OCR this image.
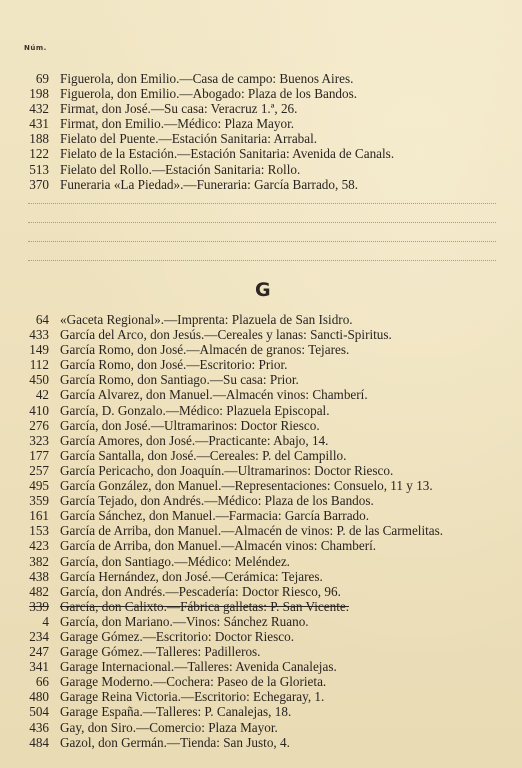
Núm.
69 Figuerola, don Emilio.—Casa de campo: Buenos Aires.
198 Figuerola, don Emilio.—Abogado: Plaza de los Bandos.
432 Firmat, don José.—Su casa: Veracruz 1.ª, 26.
431 Firmat, don Emilio.—Médico: Plaza Mayor.
188 Fielato del Puente.—Estación Sanitaria: Arrabal.
122 Fielato de la Estación.—Estación Sanitaria: Avenida de Canals.
513 Fielato del Rollo.—Estación Sanitaria: Rollo.
370 Funeraria «La Piedad».—Funeraria: García Barrado, 58.
G
64 «Gaceta Regional».—Imprenta: Plazuela de San Isidro.
433 García del Arco, don Jesús.—Cereales y lanas: Sancti-Spiritus.
149 García Romo, don José.—Almacén de granos: Tejares.
112 García Romo, don José.—Escritorio: Prior.
450 García Romo, don Santiago.—Su casa: Prior.
42 García Alvarez, don Manuel.—Almacén vinos: Chamberí.
410 García, D. Gonzalo.—Médico: Plazuela Episcopal.
276 García, don José.—Ultramarinos: Doctor Riesco.
323 García Amores, don José.—Practicante: Abajo, 14.
177 García Santalla, don José.—Cereales: P. del Campillo.
257 García Pericacho, don Joaquín.—Ultramarinos: Doctor Riesco.
495 García González, don Manuel.—Representaciones: Consuelo, 11 y 13.
359 García Tejado, don Andrés.—Médico: Plaza de los Bandos.
161 García Sánchez, don Manuel.—Farmacia: García Barrado.
153 García de Arriba, don Manuel.—Almacén de vinos: P. de las Carmelitas.
423 García de Arriba, don Manuel.—Almacén vinos: Chamberí.
382 García, don Santiago.—Médico: Meléndez.
438 García Hernández, don José.—Cerámica: Tejares.
482 García, don Andrés.—Pescadería: Doctor Riesco, 96.
339 García, don Calixto.—Fábrica galletas: P. San Vicente.
4 García, don Mariano.—Vinos: Sánchez Ruano.
234 Garage Gómez.—Escritorio: Doctor Riesco.
247 Garage Gómez.—Talleres: Padilleros.
341 Garage Internacional.—Talleres: Avenida Canalejas.
66 Garage Moderno.—Cochera: Paseo de la Glorieta.
480 Garage Reina Victoria.—Escritorio: Echegaray, 1.
504 Garage España.—Talleres: P. Canalejas, 18.
436 Gay, don Siro.—Comercio: Plaza Mayor.
484 Gazol, don Germán.—Tienda: San Justo, 4.
